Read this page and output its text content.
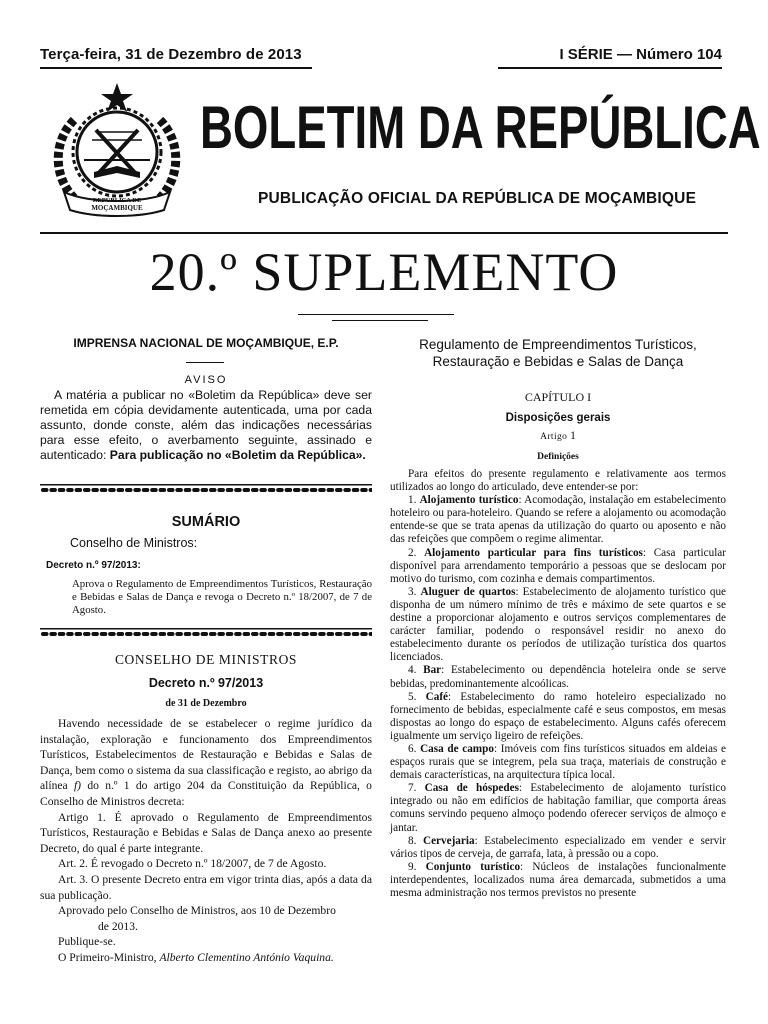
Terça-feira, 31 de Dezembro de 2013	I SÉRIE — Número 104
REPÚBLICA DE
MOÇAMBIQUE
BOLETIM DA REPÚBLICA
PUBLICAÇÃO OFICIAL DA REPÚBLICA DE MOÇAMBIQUE
20.º SUPLEMENTO
IMPRENSA NACIONAL DE MOÇAMBIQUE, E.P.
AVISO
A matéria a publicar no «Boletim da República» deve ser remetida em cópia devidamente autenticada, uma por cada assunto, donde conste, além das indicações necessárias para esse efeito, o averbamento seguinte, assinado e autenticado: Para publicação no «Boletim da República».
SUMÁRIO
Conselho de Ministros:
Decreto n.º 97/2013:
Aprova o Regulamento de Empreendimentos Turísticos, Restauração e Bebidas e Salas de Dança e revoga o Decreto n.º 18/2007, de 7 de Agosto.
CONSELHO DE MINISTROS
Decreto n.º 97/2013
de 31 de Dezembro

Havendo necessidade de se estabelecer o regime jurídico da instalação, exploração e funcionamento dos Empreendimentos Turísticos, Estabelecimentos de Restauração e Bebidas e Salas de Dança, bem como o sistema da sua classificação e registo, ao abrigo da alínea f) do n.º 1 do artigo 204 da Constituição da República, o Conselho de Ministros decreta:

Artigo 1. É aprovado o Regulamento de Empreendimentos Turísticos, Restauração e Bebidas e Salas de Dança anexo ao presente Decreto, do qual é parte integrante.

Art. 2. É revogado o Decreto n.º 18/2007, de 7 de Agosto.

Art. 3. O presente Decreto entra em vigor trinta dias, após a data da sua publicação.

Aprovado pelo Conselho de Ministros, aos 10 de Dezembro

de 2013.

Publique-se.

O Primeiro-Ministro, Alberto Clementino António Vaquina.

Regulamento de Empreendimentos Turísticos, Restauração e Bebidas e Salas de Dança
CAPÍTULO I
Disposições gerais
Artigo 1
Definições

Para efeitos do presente regulamento e relativamente aos termos utilizados ao longo do articulado, deve entender-se por:

1. Alojamento turístico: Acomodação, instalação em estabelecimento hoteleiro ou para-hoteleiro. Quando se refere a alojamento ou acomodação entende-se que se trata apenas da utilização do quarto ou aposento e não das refeições que compõem o regime alimentar.

2. Alojamento particular para fins turísticos: Casa particular disponível para arrendamento temporário a pessoas que se deslocam por motivo do turismo, com cozinha e demais compartimentos.

3. Aluguer de quartos: Estabelecimento de alojamento turístico que disponha de um número mínimo de três e máximo de sete quartos e se destine a proporcionar alojamento e outros serviços complementares de carácter familiar, podendo o responsável residir no anexo do estabelecimento durante os períodos de utilização turística dos quartos licenciados.

4. Bar: Estabelecimento ou dependência hoteleira onde se serve bebidas, predominantemente alcoólicas.

5. Café: Estabelecimento do ramo hoteleiro especializado no fornecimento de bebidas, especialmente café e seus compostos, em mesas dispostas ao longo do espaço de estabelecimento. Alguns cafés oferecem igualmente um serviço ligeiro de refeições.

6. Casa de campo: Imóveis com fins turísticos situados em aldeias e espaços rurais que se integrem, pela sua traça, materiais de construção e demais características, na arquitectura típica local.

7. Casa de hóspedes: Estabelecimento de alojamento turístico integrado ou não em edifícios de habitação familiar, que comporta áreas comuns servindo pequeno almoço podendo oferecer serviços de almoço e jantar.

8. Cervejaria: Estabelecimento especializado em vender e servir vários tipos de cerveja, de garrafa, lata, à pressão ou a copo.

9. Conjunto turístico: Núcleos de instalações funcionalmente interdependentes, localizados numa área demarcada, submetidos a uma mesma administração nos termos previstos no presente
